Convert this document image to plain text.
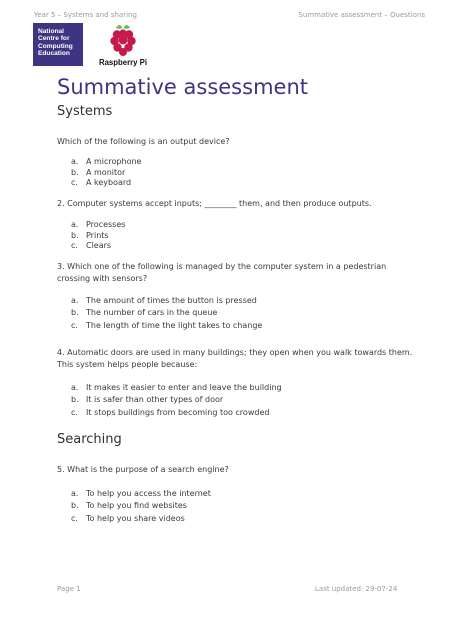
Year 5 – Systems and sharing	Summative assessment – Questions
National
Centre for
Computing
Education
Raspberry Pi
Summative assessment
Systems
Which of the following is an output device?
a. A microphone
b. A monitor
c. A keyboard
2. Computer systems accept inputs; ________ them, and then produce outputs.
a. Processes
b. Prints
c. Clears
3. Which one of the following is managed by the computer system in a pedestrian crossing with sensors?
a. The amount of times the button is pressed
b. The number of cars in the queue
c. The length of time the light takes to change
4. Automatic doors are used in many buildings; they open when you walk towards them. This system helps people because:
a. It makes it easier to enter and leave the building
b. It is safer than other types of door
c. It stops buildings from becoming too crowded
Searching
5. What is the purpose of a search engine?
a. To help you access the internet
b. To help you find websites
c. To help you share videos
Page 1	Last updated: 29-07-24
